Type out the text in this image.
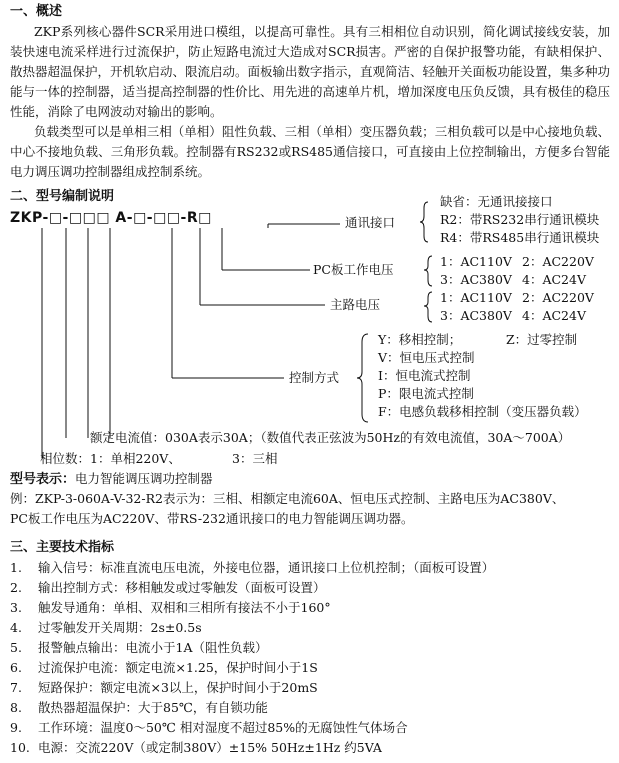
一、概述
ZKP系列核心器件SCR采用进口模组，以提高可靠性。具有三相相位自动识别，简化调试接线安装，加装快速电流采样进行过流保护，防止短路电流过大造成对SCR损害。严密的自保护报警功能，有缺相保护、散热器超温保护，开机软启动、限流启动。面板输出数字指示，直观简洁、轻触开关面板功能设置，集多种功能与一体的控制器，适当提高控制器的性价比、用先进的高速单片机，增加深度电压负反馈，具有极佳的稳压性能，消除了电网波动对输出的影响。
负载类型可以是单相三相（单相）阻性负载、三相（单相）变压器负载；三相负载可以是中心接地负载、中心不接地负载、三角形负载。控制器有RS232或RS485通信接口，可直接由上位控制输出，方便多台智能电力调压调功控制器组成控制系统。
二、型号编制说明
ZKP-□-□□□ A-□-□□-R□	通讯接口
缺省：无通讯接接口
R2：带RS232串行通讯模块
R4：带RS485串行通讯模块
PC板工作电压
1：AC110V 2：AC220V
3：AC380V 4：AC24V
主路电压	1：AC110V 2：AC220V
3：AC380V 4：AC24V
控制方式
Y：移相控制；	Z：过零控制
V：恒电压式控制
I：恒电流式控制
P：限电流式控制
F：电感负载移相控制（变压器负载）
额定电流值：030A表示30A；（数值代表正弦波为50Hz的有效电流值，30A～700A）
相位数：1：单相220V、	3：三相
型号表示：电力智能调压调功控制器
例：ZKP-3-060A-V-32-R2表示为：三相、相额定电流60A、恒电压式控制、主路电压为AC380V、
PC板工作电压为AC220V、带RS-232通讯接口的电力智能调压调功器。
三、主要技术指标
1. 输入信号：标准直流电压电流，外接电位器，通讯接口上位机控制；（面板可设置）
2. 输出控制方式：移相触发或过零触发（面板可设置）
3. 触发导通角：单相、双相和三相所有接法不小于160°
4. 过零触发开关周期：2s±0.5s
5. 报警触点输出：电流小于1A（阻性负载）
6. 过流保护电流：额定电流×1.25，保护时间小于1S
7. 短路保护：额定电流×3以上，保护时间小于20mS
8. 散热器超温保护：大于85℃，有自锁功能
9. 工作环境：温度0～50℃ 相对湿度不超过85%的无腐蚀性气体场合
10. 电源：交流220V（或定制380V）±15% 50Hz±1Hz 约5VA
